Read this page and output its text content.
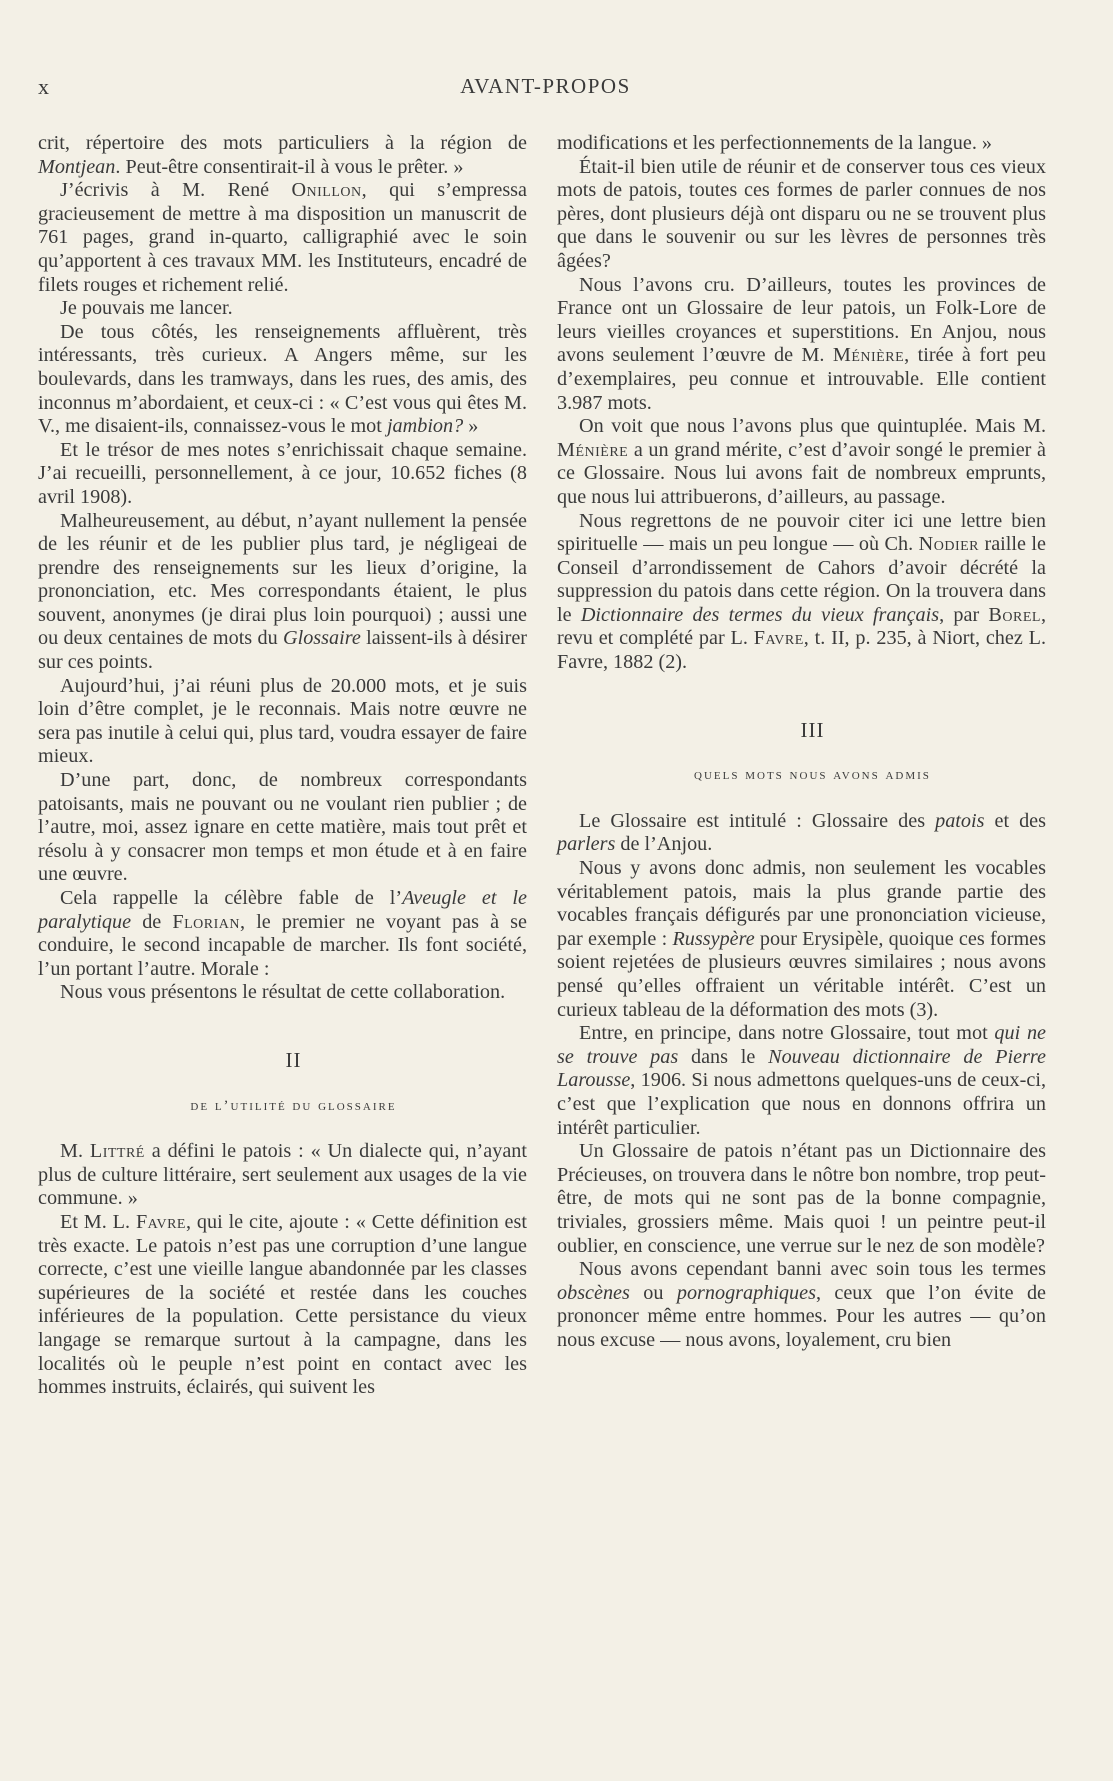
x	AVANT-PROPOS

crit, répertoire des mots particuliers à la région de Montjean. Peut-être consentirait-il à vous le prêter. »

J’écrivis à M. René Onillon, qui s’empressa gracieusement de mettre à ma disposition un manuscrit de 761 pages, grand in-quarto, calligraphié avec le soin qu’apportent à ces travaux MM. les Instituteurs, encadré de filets rouges et richement relié.

Je pouvais me lancer.

De tous côtés, les renseignements affluèrent, très intéressants, très curieux. A Angers même, sur les boulevards, dans les tramways, dans les rues, des amis, des inconnus m’abordaient, et ceux-ci : « C’est vous qui êtes M. V., me disaient-ils, connaissez-vous le mot jambion? »

Et le trésor de mes notes s’enrichissait chaque semaine. J’ai recueilli, personnellement, à ce jour, 10.652 fiches (8 avril 1908).

Malheureusement, au début, n’ayant nullement la pensée de les réunir et de les publier plus tard, je négligeai de prendre des renseignements sur les lieux d’origine, la prononciation, etc. Mes correspondants étaient, le plus souvent, anonymes (je dirai plus loin pourquoi) ; aussi une ou deux centaines de mots du Glossaire laissent-ils à désirer sur ces points.

Aujourd’hui, j’ai réuni plus de 20.000 mots, et je suis loin d’être complet, je le reconnais. Mais notre œuvre ne sera pas inutile à celui qui, plus tard, voudra essayer de faire mieux.

D’une part, donc, de nombreux correspondants patoisants, mais ne pouvant ou ne voulant rien publier ; de l’autre, moi, assez ignare en cette matière, mais tout prêt et résolu à y consacrer mon temps et mon étude et à en faire une œuvre.

Cela rappelle la célèbre fable de l’Aveugle et le paralytique de Florian, le premier ne voyant pas à se conduire, le second incapable de marcher. Ils font société, l’un portant l’autre. Morale :

Nous vous présentons le résultat de cette collaboration.

II

de l’utilité du glossaire

M. Littré a défini le patois : « Un dialecte qui, n’ayant plus de culture littéraire, sert seulement aux usages de la vie commune. »

Et M. L. Favre, qui le cite, ajoute : « Cette définition est très exacte. Le patois n’est pas une corruption d’une langue correcte, c’est une vieille langue abandonnée par les classes supérieures de la société et restée dans les couches inférieures de la population. Cette persistance du vieux langage se remarque surtout à la campagne, dans les localités où le peuple n’est point en contact avec les hommes instruits, éclairés, qui suivent les

modifications et les perfectionnements de la langue. »

Était-il bien utile de réunir et de conserver tous ces vieux mots de patois, toutes ces formes de parler connues de nos pères, dont plusieurs déjà ont disparu ou ne se trouvent plus que dans le souvenir ou sur les lèvres de personnes très âgées?

Nous l’avons cru. D’ailleurs, toutes les provinces de France ont un Glossaire de leur patois, un Folk-Lore de leurs vieilles croyances et superstitions. En Anjou, nous avons seulement l’œuvre de M. Ménière, tirée à fort peu d’exemplaires, peu connue et introuvable. Elle contient 3.987 mots.

On voit que nous l’avons plus que quintuplée. Mais M. Ménière a un grand mérite, c’est d’avoir songé le premier à ce Glossaire. Nous lui avons fait de nombreux emprunts, que nous lui attribuerons, d’ailleurs, au passage.

Nous regrettons de ne pouvoir citer ici une lettre bien spirituelle — mais un peu longue — où Ch. Nodier raille le Conseil d’arrondissement de Cahors d’avoir décrété la suppression du patois dans cette région. On la trouvera dans le Dictionnaire des termes du vieux français, par Borel, revu et complété par L. Favre, t. II, p. 235, à Niort, chez L. Favre, 1882 (2).

III

quels mots nous avons admis

Le Glossaire est intitulé : Glossaire des patois et des parlers de l’Anjou.

Nous y avons donc admis, non seulement les vocables véritablement patois, mais la plus grande partie des vocables français défigurés par une prononciation vicieuse, par exemple : Russypère pour Erysipèle, quoique ces formes soient rejetées de plusieurs œuvres similaires ; nous avons pensé qu’elles offraient un véritable intérêt. C’est un curieux tableau de la déformation des mots (3).

Entre, en principe, dans notre Glossaire, tout mot qui ne se trouve pas dans le Nouveau dictionnaire de Pierre Larousse, 1906. Si nous admettons quelques-uns de ceux-ci, c’est que l’explication que nous en donnons offrira un intérêt particulier.

Un Glossaire de patois n’étant pas un Dictionnaire des Précieuses, on trouvera dans le nôtre bon nombre, trop peut-être, de mots qui ne sont pas de la bonne compagnie, triviales, grossiers même. Mais quoi ! un peintre peut-il oublier, en conscience, une verrue sur le nez de son modèle?

Nous avons cependant banni avec soin tous les termes obscènes ou pornographiques, ceux que l’on évite de prononcer même entre hommes. Pour les autres — qu’on nous excuse — nous avons, loyalement, cru bien
